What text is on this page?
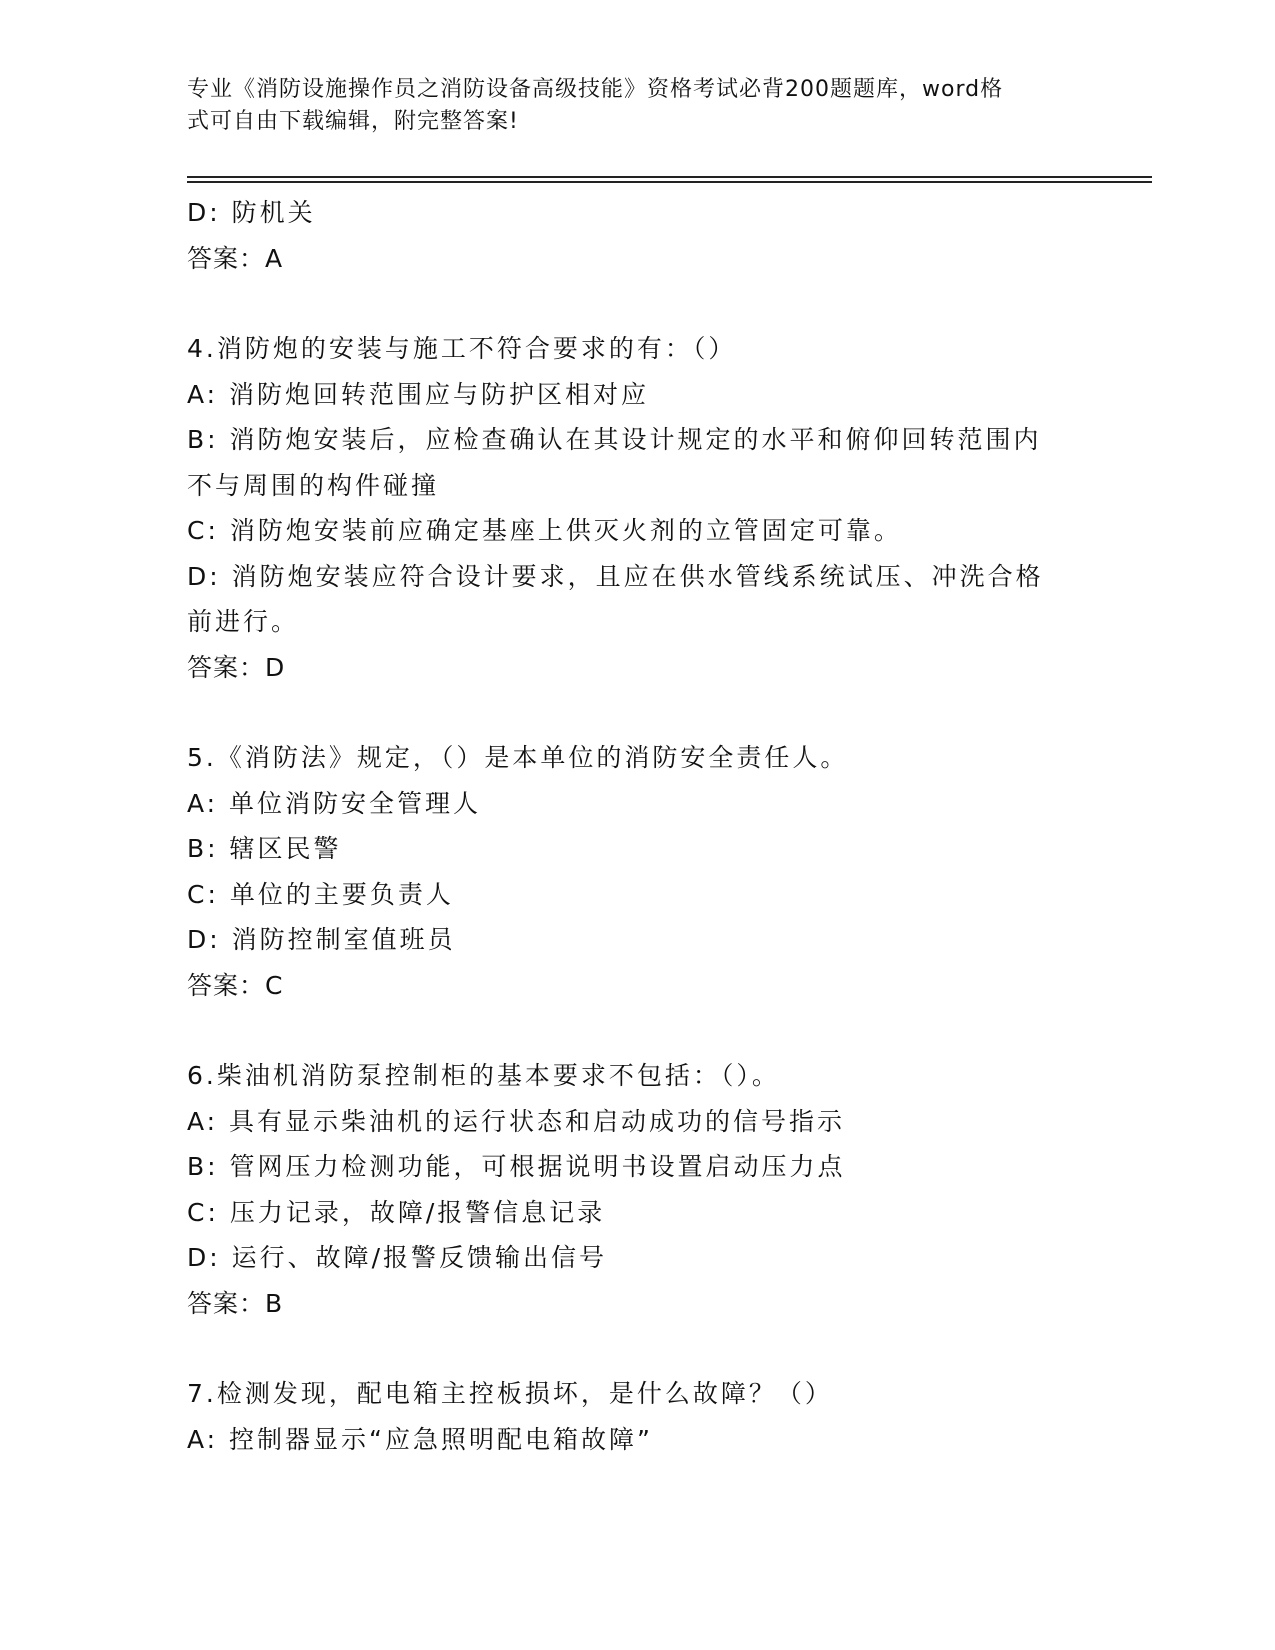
专业《消防设施操作员之消防设备高级技能》资格考试必背200题题库，word格
式可自由下载编辑，附完整答案!
D: 防机关
答案：A
4.消防炮的安装与施工不符合要求的有：（）
A: 消防炮回转范围应与防护区相对应
B: 消防炮安装后，应检查确认在其设计规定的水平和俯仰回转范围内
不与周围的构件碰撞
C: 消防炮安装前应确定基座上供灭火剂的立管固定可靠。
D: 消防炮安装应符合设计要求，且应在供水管线系统试压、冲洗合格
前进行。
答案：D
5.《消防法》规定，（）是本单位的消防安全责任人。
A: 单位消防安全管理人
B: 辖区民警
C: 单位的主要负责人
D: 消防控制室值班员
答案：C
6.柴油机消防泵控制柜的基本要求不包括：（）。
A: 具有显示柴油机的运行状态和启动成功的信号指示
B: 管网压力检测功能，可根据说明书设置启动压力点
C: 压力记录，故障/报警信息记录
D: 运行、故障/报警反馈输出信号
答案：B
7.检测发现，配电箱主控板损坏，是什么故障？（）
A: 控制器显示“应急照明配电箱故障”
